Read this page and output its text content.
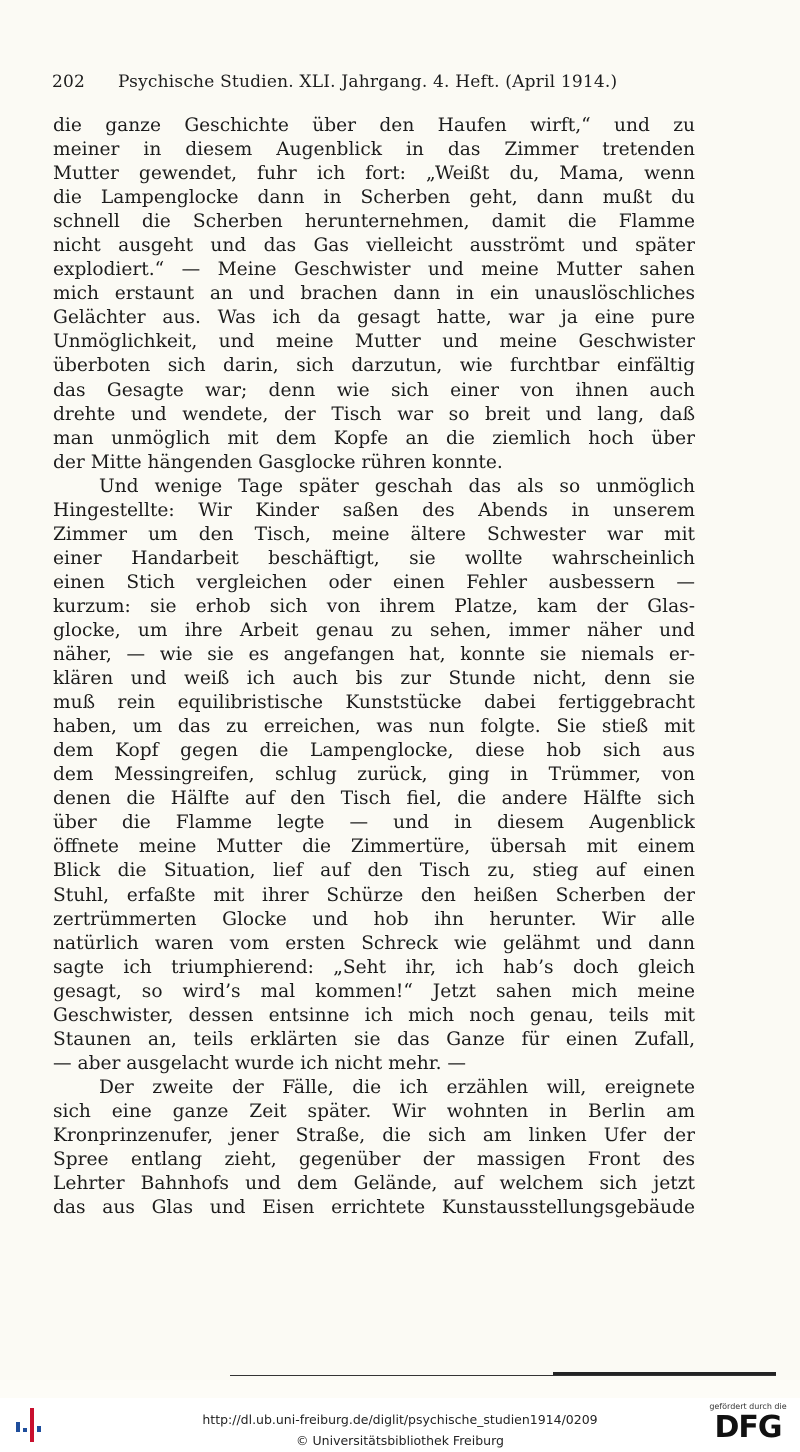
202 Psychische Studien. XLI. Jahrgang. 4. Heft. (April 1914.)
die ganze Geschichte über den Haufen wirft,“ und zu
meiner in diesem Augenblick in das Zimmer tretenden
Mutter gewendet, fuhr ich fort: „Weißt du, Mama, wenn
die Lampenglocke dann in Scherben geht, dann mußt du
schnell die Scherben herunternehmen, damit die Flamme
nicht ausgeht und das Gas vielleicht ausströmt und später
explodiert.“ — Meine Geschwister und meine Mutter sahen
mich erstaunt an und brachen dann in ein unauslöschliches
Gelächter aus. Was ich da gesagt hatte, war ja eine pure
Unmöglichkeit, und meine Mutter und meine Geschwister
überboten sich darin, sich darzutun, wie furchtbar einfältig
das Gesagte war; denn wie sich einer von ihnen auch
drehte und wendete, der Tisch war so breit und lang, daß
man unmöglich mit dem Kopfe an die ziemlich hoch über
der Mitte hängenden Gasglocke rühren konnte.
Und wenige Tage später geschah das als so unmöglich
Hingestellte: Wir Kinder saßen des Abends in unserem
Zimmer um den Tisch, meine ältere Schwester war mit
einer Handarbeit beschäftigt, sie wollte wahrscheinlich
einen Stich vergleichen oder einen Fehler ausbessern —
kurzum: sie erhob sich von ihrem Platze, kam der Glas-
glocke, um ihre Arbeit genau zu sehen, immer näher und
näher, — wie sie es angefangen hat, konnte sie niemals er-
klären und weiß ich auch bis zur Stunde nicht, denn sie
muß rein equilibristische Kunststücke dabei fertiggebracht
haben, um das zu erreichen, was nun folgte. Sie stieß mit
dem Kopf gegen die Lampenglocke, diese hob sich aus
dem Messingreifen, schlug zurück, ging in Trümmer, von
denen die Hälfte auf den Tisch fiel, die andere Hälfte sich
über die Flamme legte — und in diesem Augenblick
öffnete meine Mutter die Zimmertüre, übersah mit einem
Blick die Situation, lief auf den Tisch zu, stieg auf einen
Stuhl, erfaßte mit ihrer Schürze den heißen Scherben der
zertrümmerten Glocke und hob ihn herunter. Wir alle
natürlich waren vom ersten Schreck wie gelähmt und dann
sagte ich triumphierend: „Seht ihr, ich hab’s doch gleich
gesagt, so wird’s mal kommen!“ Jetzt sahen mich meine
Geschwister, dessen entsinne ich mich noch genau, teils mit
Staunen an, teils erklärten sie das Ganze für einen Zufall,
— aber ausgelacht wurde ich nicht mehr. —
Der zweite der Fälle, die ich erzählen will, ereignete
sich eine ganze Zeit später. Wir wohnten in Berlin am
Kronprinzenufer, jener Straße, die sich am linken Ufer der
Spree entlang zieht, gegenüber der massigen Front des
Lehrter Bahnhofs und dem Gelände, auf welchem sich jetzt
das aus Glas und Eisen errichtete Kunstausstellungsgebäude
http://dl.ub.uni-freiburg.de/diglit/psychische_studien1914/0209
© Universitätsbibliothek Freiburg
gefördert durch die
DFG
